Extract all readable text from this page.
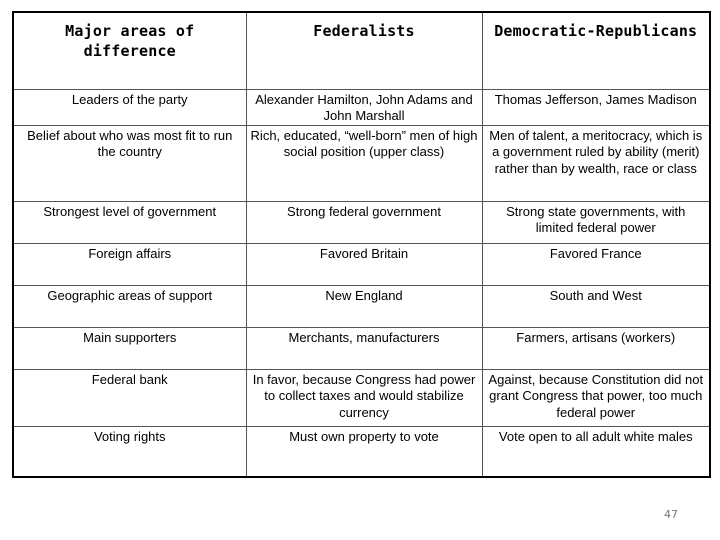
Major areas of difference	Federalists	Democratic-Republicans
Leaders of the party	Alexander Hamilton, John Adams and John Marshall	Thomas Jefferson, James Madison
Belief about who was most fit to run the country	Rich, educated, “well-born” men of high social position (upper class)	Men of talent, a meritocracy, which is a government ruled by ability (merit) rather than by wealth, race or class
Strongest level of government	Strong federal government	Strong state governments, with limited federal power
Foreign affairs	Favored Britain	Favored France
Geographic areas of support	New England	South and West
Main supporters	Merchants, manufacturers	Farmers, artisans (workers)
Federal bank	In favor, because Congress had power to collect taxes and would stabilize currency	Against, because Constitution did not grant Congress that power, too much federal power
Voting rights	Must own property to vote	Vote open to all adult white males
47
